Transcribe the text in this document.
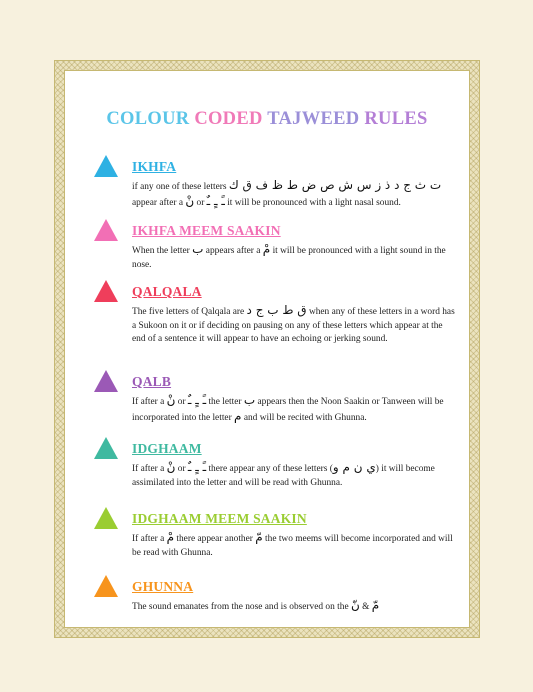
COLOUR CODED TAJWEED RULES
IKHFA
if any one of these letters ت ث ج د ذ ز س ش ص ض ط ظ ف ق ك appear after a نْ or ـً ـٍ ـٌ it will be pronounced with a light nasal sound.
IKHFA MEEM SAAKIN
When the letter ب appears after a مْ it will be pronounced with a light sound in the nose.
QALQALA
The five letters of Qalqala are ق ط ب ج د when any of these letters in a word has a Sukoon on it or if deciding on pausing on any of these letters which appear at the end of a sentence it will appear to have an echoing or jerking sound.
QALB
If after a نْ or ـً ـٍ ـٌ the letter ب appears then the Noon Saakin or Tanween will be incorporated into the letter م and will be recited with Ghunna.
IDGHAAM
If after a نْ or ـً ـٍ ـٌ there appear any of these letters (ي ن م و) it will become assimilated into the letter and will be read with Ghunna.
IDGHAAM MEEM SAAKIN
If after a مْ there appear another مّ the two meems will become incorporated and will be read with Ghunna.
GHUNNA
The sound emanates from the nose and is observed on the نّ & مّ
